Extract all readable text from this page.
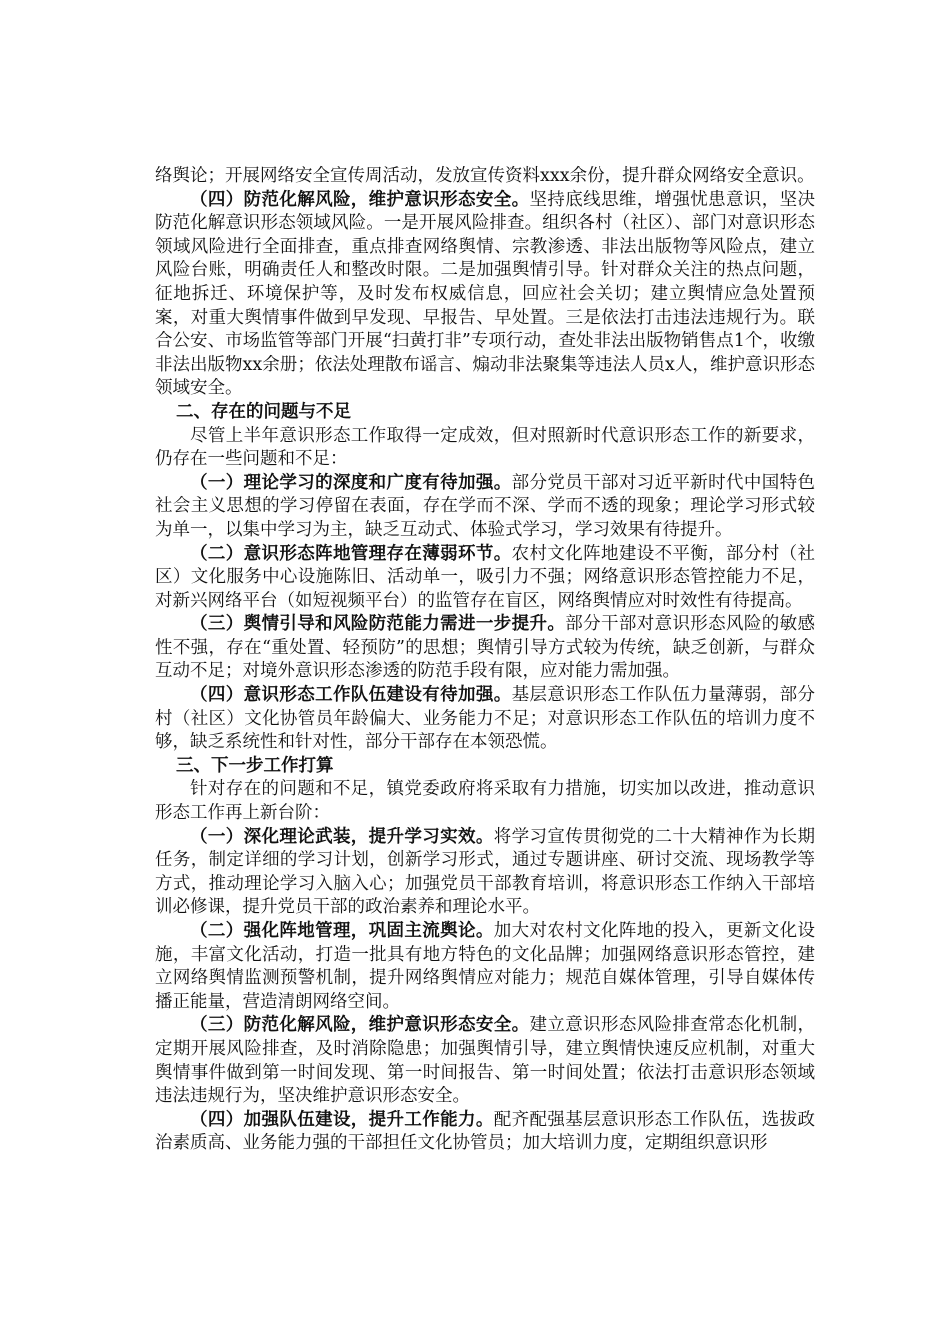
络舆论；开展网络安全宣传周活动，发放宣传资料xxx余份，提升群众网络安全意识。

（四）防范化解风险，维护意识形态安全。坚持底线思维，增强忧患意识，坚决防范化解意识形态领域风险。一是开展风险排查。组织各村（社区）、部门对意识形态领域风险进行全面排查，重点排查网络舆情、宗教渗透、非法出版物等风险点，建立风险台账，明确责任人和整改时限。二是加强舆情引导。针对群众关注的热点问题，征地拆迁、环境保护等，及时发布权威信息，回应社会关切；建立舆情应急处置预案，对重大舆情事件做到早发现、早报告、早处置。三是依法打击违法违规行为。联合公安、市场监管等部门开展“扫黄打非”专项行动，查处非法出版物销售点1个，收缴非法出版物xx余册；依法处理散布谣言、煽动非法聚集等违法人员x人，维护意识形态领域安全。

二、存在的问题与不足

尽管上半年意识形态工作取得一定成效，但对照新时代意识形态工作的新要求，仍存在一些问题和不足：

（一）理论学习的深度和广度有待加强。部分党员干部对习近平新时代中国特色社会主义思想的学习停留在表面，存在学而不深、学而不透的现象；理论学习形式较为单一，以集中学习为主，缺乏互动式、体验式学习，学习效果有待提升。

（二）意识形态阵地管理存在薄弱环节。农村文化阵地建设不平衡，部分村（社区）文化服务中心设施陈旧、活动单一，吸引力不强；网络意识形态管控能力不足，对新兴网络平台（如短视频平台）的监管存在盲区，网络舆情应对时效性有待提高。

（三）舆情引导和风险防范能力需进一步提升。部分干部对意识形态风险的敏感性不强，存在“重处置、轻预防”的思想；舆情引导方式较为传统，缺乏创新，与群众互动不足；对境外意识形态渗透的防范手段有限，应对能力需加强。

（四）意识形态工作队伍建设有待加强。基层意识形态工作队伍力量薄弱，部分村（社区）文化协管员年龄偏大、业务能力不足；对意识形态工作队伍的培训力度不够，缺乏系统性和针对性，部分干部存在本领恐慌。

三、下一步工作打算

针对存在的问题和不足，镇党委政府将采取有力措施，切实加以改进，推动意识形态工作再上新台阶：

（一）深化理论武装，提升学习实效。将学习宣传贯彻党的二十大精神作为长期任务，制定详细的学习计划，创新学习形式，通过专题讲座、研讨交流、现场教学等方式，推动理论学习入脑入心；加强党员干部教育培训，将意识形态工作纳入干部培训必修课，提升党员干部的政治素养和理论水平。

（二）强化阵地管理，巩固主流舆论。加大对农村文化阵地的投入，更新文化设施，丰富文化活动，打造一批具有地方特色的文化品牌；加强网络意识形态管控，建立网络舆情监测预警机制，提升网络舆情应对能力；规范自媒体管理，引导自媒体传播正能量，营造清朗网络空间。

（三）防范化解风险，维护意识形态安全。建立意识形态风险排查常态化机制，定期开展风险排查，及时消除隐患；加强舆情引导，建立舆情快速反应机制，对重大舆情事件做到第一时间发现、第一时间报告、第一时间处置；依法打击意识形态领域违法违规行为，坚决维护意识形态安全。

（四）加强队伍建设，提升工作能力。配齐配强基层意识形态工作队伍，选拔政治素质高、业务能力强的干部担任文化协管员；加大培训力度，定期组织意识形
